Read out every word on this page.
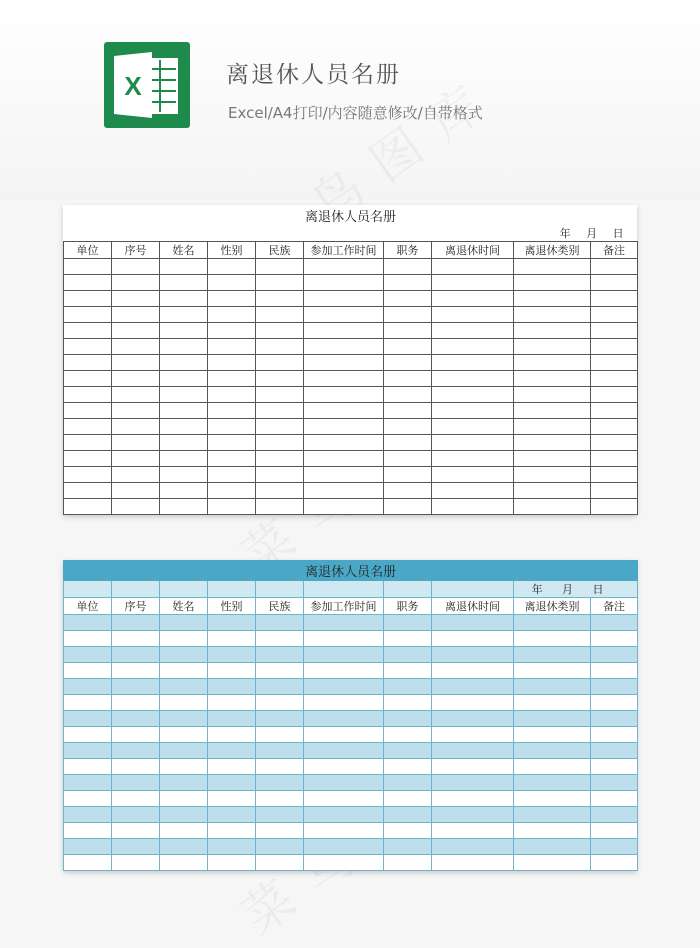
X	离退休人员名册
Excel/A4打印/内容随意修改/自带格式
离退休人员名册									
年 月 日									
单位	序号	姓名	性别	民族	参加工作时间	职务	离退休时间	离退休类别	备注

离退休人员名册									
								年 月 日	
单位	序号	姓名	性别	民族	参加工作时间	职务	离退休时间	离退休类别	备注
